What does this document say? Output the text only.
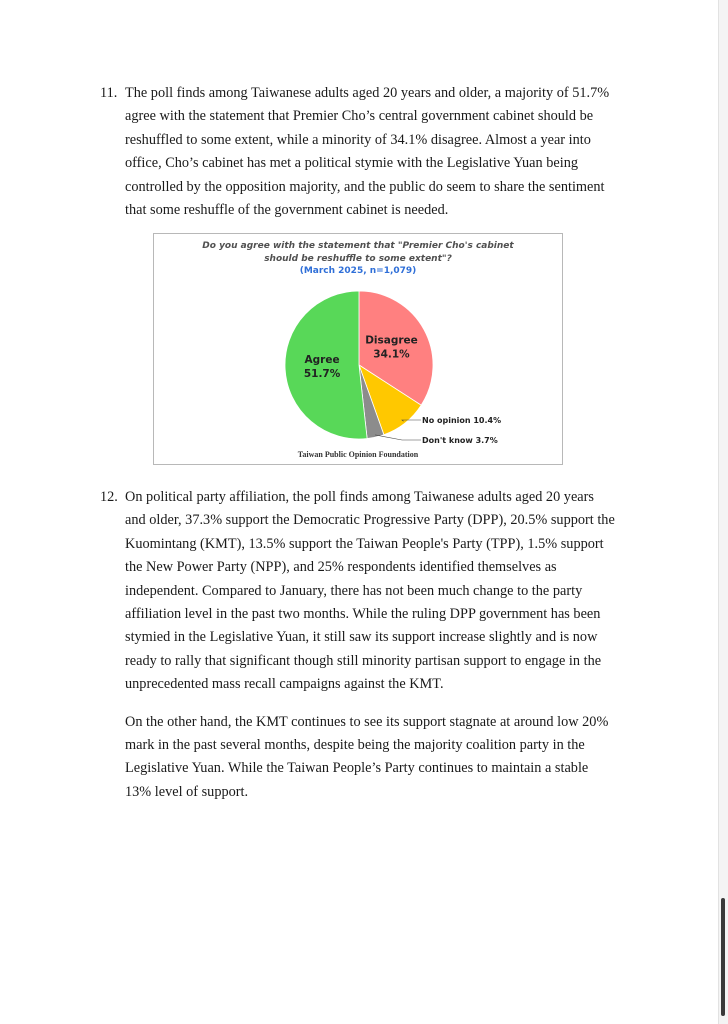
11. The poll finds among Taiwanese adults aged 20 years and older, a majority of 51.7% agree with the statement that Premier Cho’s central government cabinet should be reshuffled to some extent, while a minority of 34.1% disagree. Almost a year into office, Cho’s cabinet has met a political stymie with the Legislative Yuan being controlled by the opposition majority, and the public do seem to share the sentiment that some reshuffle of the government cabinet is needed.

Do you agree with the statement that "Premier Cho's cabinet
should be reshuffle to some extent"?
(March 2025, n=1,079)
Disagree
34.1%
No opinion 10.4%
Don't know 3.7%
Agree
51.7%
Taiwan Public Opinion Foundation
12. On political party affiliation, the poll finds among Taiwanese adults aged 20 years and older, 37.3% support the Democratic Progressive Party (DPP), 20.5% support the Kuomintang (KMT), 13.5% support the Taiwan People's Party (TPP), 1.5% support the New Power Party (NPP), and 25% respondents identified themselves as independent. Compared to January, there has not been much change to the party affiliation level in the past two months. While the ruling DPP government has been stymied in the Legislative Yuan, it still saw its support increase slightly and is now ready to rally that significant though still minority partisan support to engage in the unprecedented mass recall campaigns against the KMT.

On the other hand, the KMT continues to see its support stagnate at around low 20% mark in the past several months, despite being the majority coalition party in the Legislative Yuan. While the Taiwan People’s Party continues to maintain a stable 13% level of support.
